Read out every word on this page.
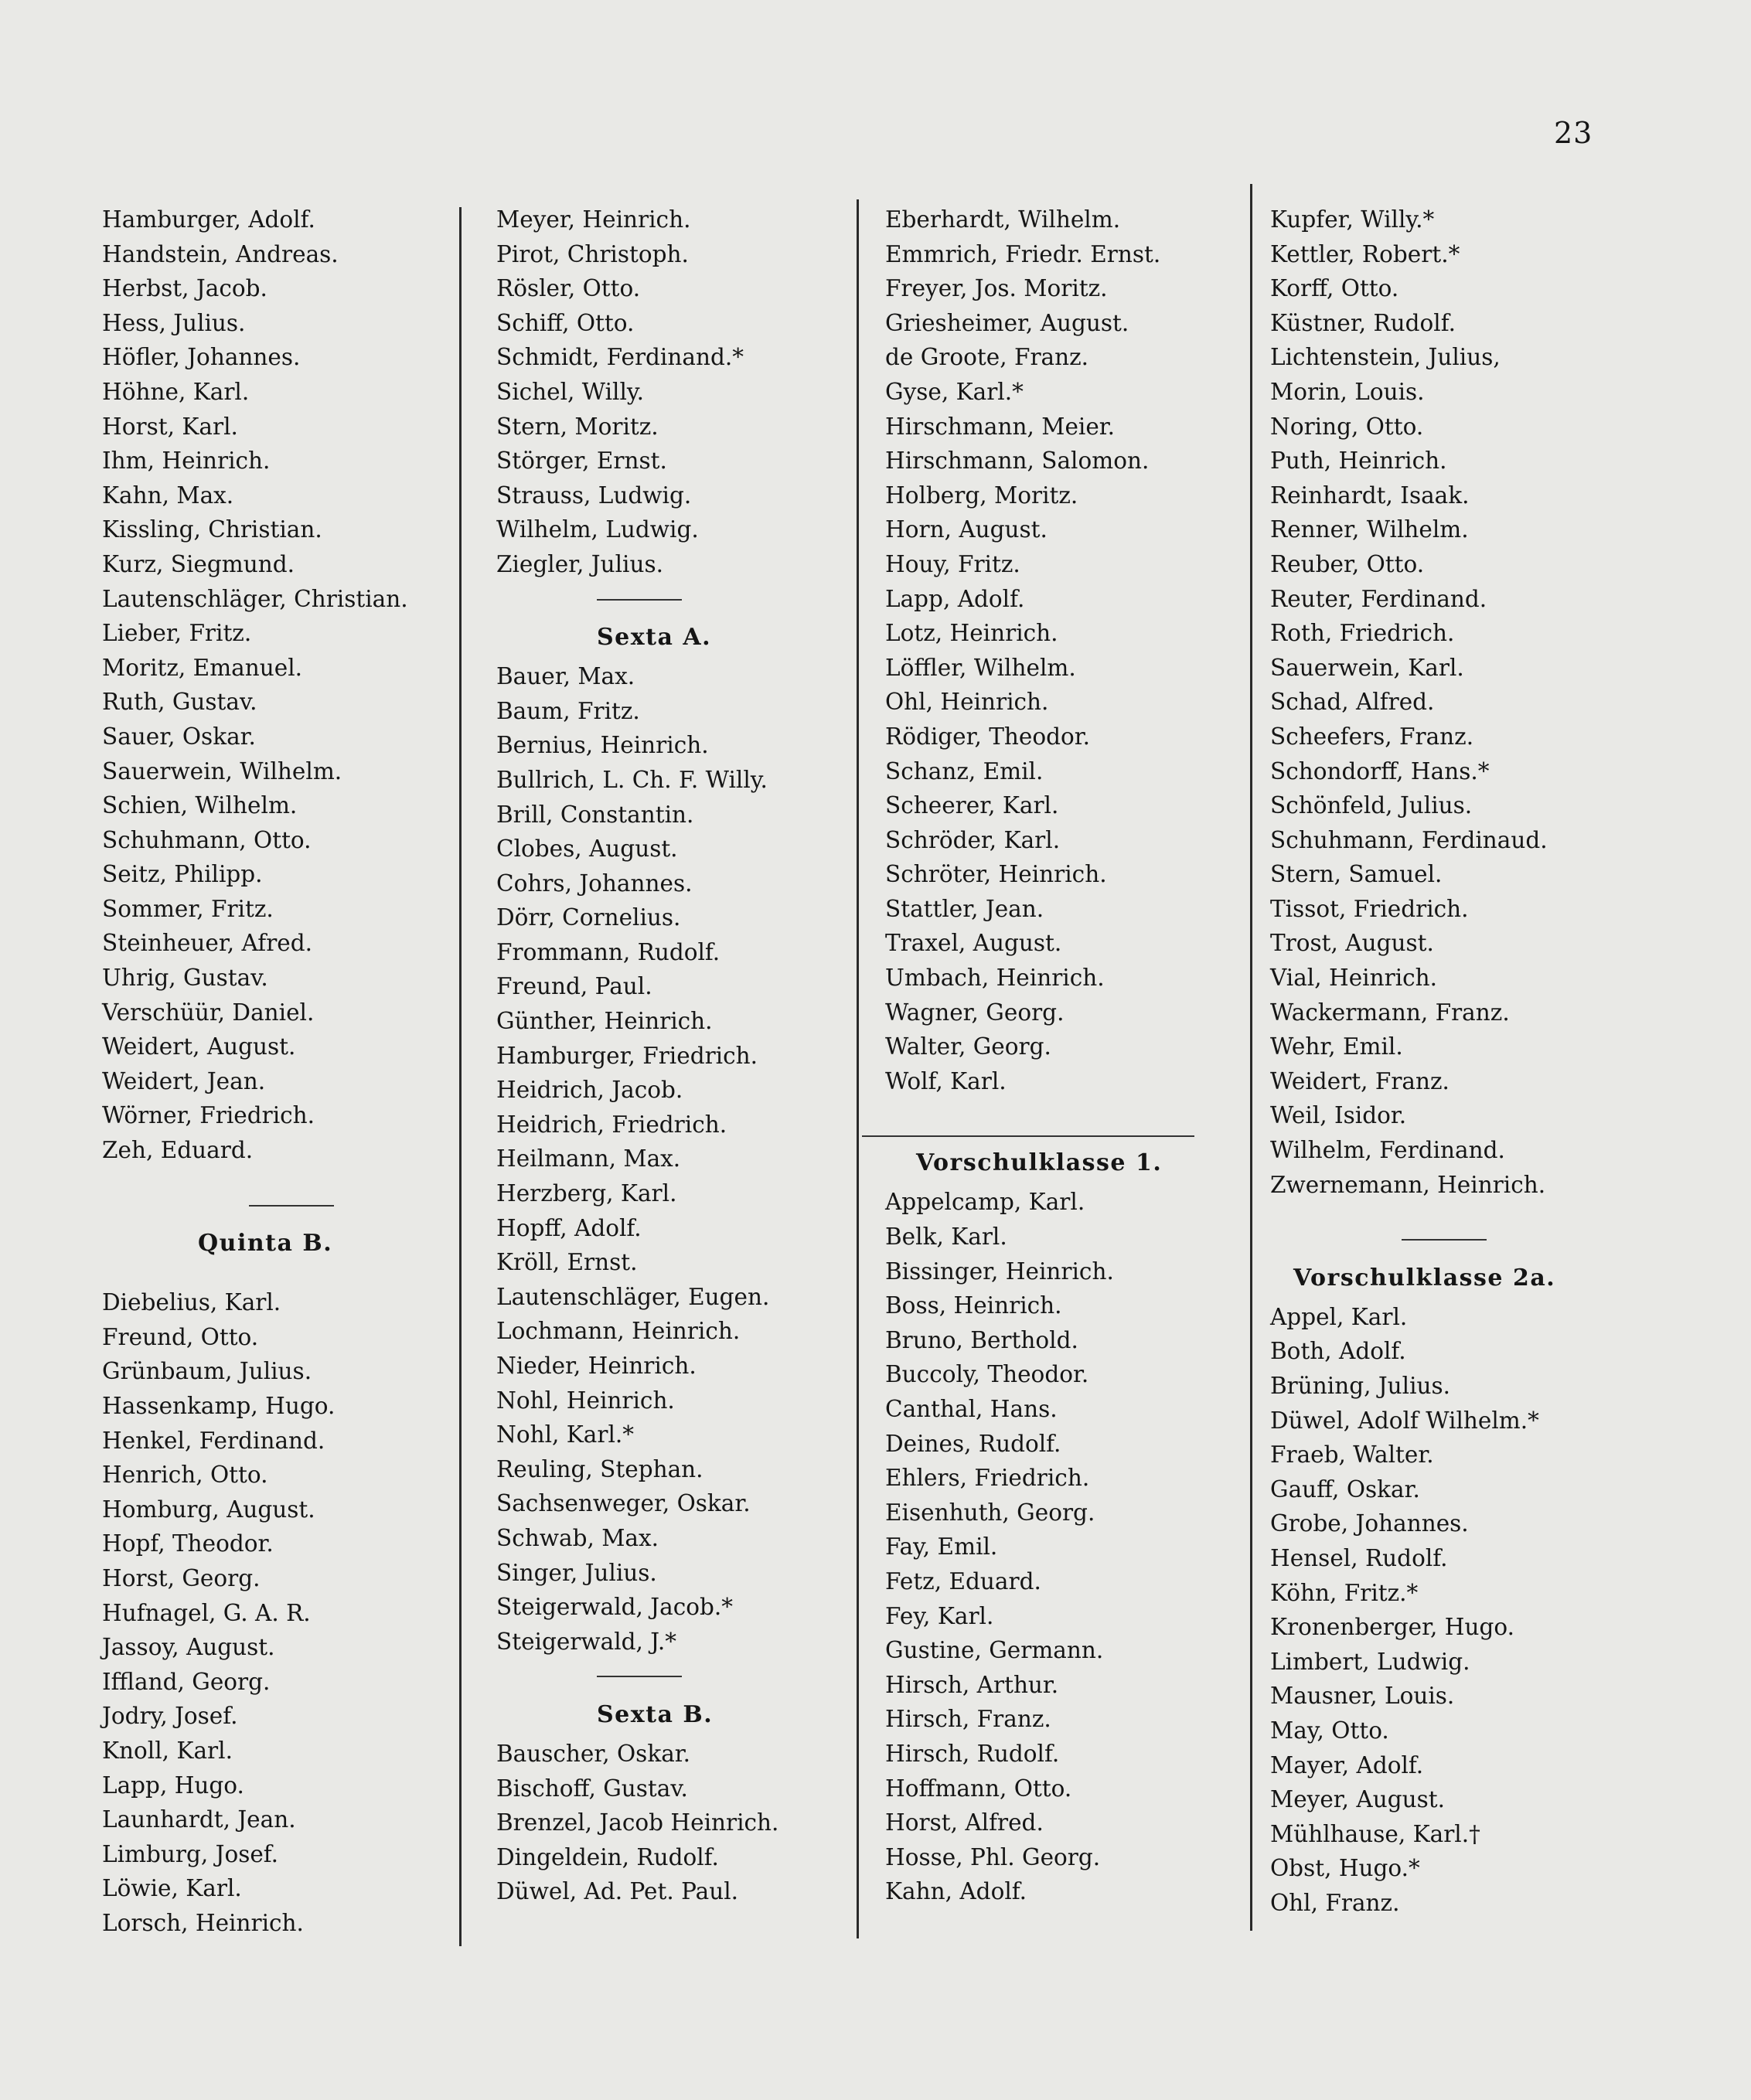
23
Hamburger, Adolf.
Handstein, Andreas.
Herbst, Jacob.
Hess, Julius.
Höfler, Johannes.
Höhne, Karl.
Horst, Karl.
Ihm, Heinrich.
Kahn, Max.
Kissling, Christian.
Kurz, Siegmund.
Lautenschläger, Christian.
Lieber, Fritz.
Moritz, Emanuel.
Ruth, Gustav.
Sauer, Oskar.
Sauerwein, Wilhelm.
Schien, Wilhelm.
Schuhmann, Otto.
Seitz, Philipp.
Sommer, Fritz.
Steinheuer, Afred.
Uhrig, Gustav.
Verschüür, Daniel.
Weidert, August.
Weidert, Jean.
Wörner, Friedrich.
Zeh, Eduard.
Quinta B.
Diebelius, Karl.
Freund, Otto.
Grünbaum, Julius.
Hassenkamp, Hugo.
Henkel, Ferdinand.
Henrich, Otto.
Homburg, August.
Hopf, Theodor.
Horst, Georg.
Hufnagel, G. A. R.
Jassoy, August.
Iffland, Georg.
Jodry, Josef.
Knoll, Karl.
Lapp, Hugo.
Launhardt, Jean.
Limburg, Josef.
Löwie, Karl.
Lorsch, Heinrich.
Meyer, Heinrich.
Pirot, Christoph.
Rösler, Otto.
Schiff, Otto.
Schmidt, Ferdinand.*
Sichel, Willy.
Stern, Moritz.
Störger, Ernst.
Strauss, Ludwig.
Wilhelm, Ludwig.
Ziegler, Julius.
Sexta A.
Bauer, Max.
Baum, Fritz.
Bernius, Heinrich.
Bullrich, L. Ch. F. Willy.
Brill, Constantin.
Clobes, August.
Cohrs, Johannes.
Dörr, Cornelius.
Frommann, Rudolf.
Freund, Paul.
Günther, Heinrich.
Hamburger, Friedrich.
Heidrich, Jacob.
Heidrich, Friedrich.
Heilmann, Max.
Herzberg, Karl.
Hopff, Adolf.
Kröll, Ernst.
Lautenschläger, Eugen.
Lochmann, Heinrich.
Nieder, Heinrich.
Nohl, Heinrich.
Nohl, Karl.*
Reuling, Stephan.
Sachsenweger, Oskar.
Schwab, Max.
Singer, Julius.
Steigerwald, Jacob.*
Steigerwald, J.*
Sexta B.
Bauscher, Oskar.
Bischoff, Gustav.
Brenzel, Jacob Heinrich.
Dingeldein, Rudolf.
Düwel, Ad. Pet. Paul.
Eberhardt, Wilhelm.
Emmrich, Friedr. Ernst.
Freyer, Jos. Moritz.
Griesheimer, August.
de Groote, Franz.
Gyse, Karl.*
Hirschmann, Meier.
Hirschmann, Salomon.
Holberg, Moritz.
Horn, August.
Houy, Fritz.
Lapp, Adolf.
Lotz, Heinrich.
Löffler, Wilhelm.
Ohl, Heinrich.
Rödiger, Theodor.
Schanz, Emil.
Scheerer, Karl.
Schröder, Karl.
Schröter, Heinrich.
Stattler, Jean.
Traxel, August.
Umbach, Heinrich.
Wagner, Georg.
Walter, Georg.
Wolf, Karl.
Vorschulklasse 1.
Appelcamp, Karl.
Belk, Karl.
Bissinger, Heinrich.
Boss, Heinrich.
Bruno, Berthold.
Buccoly, Theodor.
Canthal, Hans.
Deines, Rudolf.
Ehlers, Friedrich.
Eisenhuth, Georg.
Fay, Emil.
Fetz, Eduard.
Fey, Karl.
Gustine, Germann.
Hirsch, Arthur.
Hirsch, Franz.
Hirsch, Rudolf.
Hoffmann, Otto.
Horst, Alfred.
Hosse, Phl. Georg.
Kahn, Adolf.
Kupfer, Willy.*
Kettler, Robert.*
Korff, Otto.
Küstner, Rudolf.
Lichtenstein, Julius,
Morin, Louis.
Noring, Otto.
Puth, Heinrich.
Reinhardt, Isaak.
Renner, Wilhelm.
Reuber, Otto.
Reuter, Ferdinand.
Roth, Friedrich.
Sauerwein, Karl.
Schad, Alfred.
Scheefers, Franz.
Schondorff, Hans.*
Schönfeld, Julius.
Schuhmann, Ferdinaud.
Stern, Samuel.
Tissot, Friedrich.
Trost, August.
Vial, Heinrich.
Wackermann, Franz.
Wehr, Emil.
Weidert, Franz.
Weil, Isidor.
Wilhelm, Ferdinand.
Zwernemann, Heinrich.
Vorschulklasse 2a.
Appel, Karl.
Both, Adolf.
Brüning, Julius.
Düwel, Adolf Wilhelm.*
Fraeb, Walter.
Gauff, Oskar.
Grobe, Johannes.
Hensel, Rudolf.
Köhn, Fritz.*
Kronenberger, Hugo.
Limbert, Ludwig.
Mausner, Louis.
May, Otto.
Mayer, Adolf.
Meyer, August.
Mühlhause, Karl.†
Obst, Hugo.*
Ohl, Franz.
